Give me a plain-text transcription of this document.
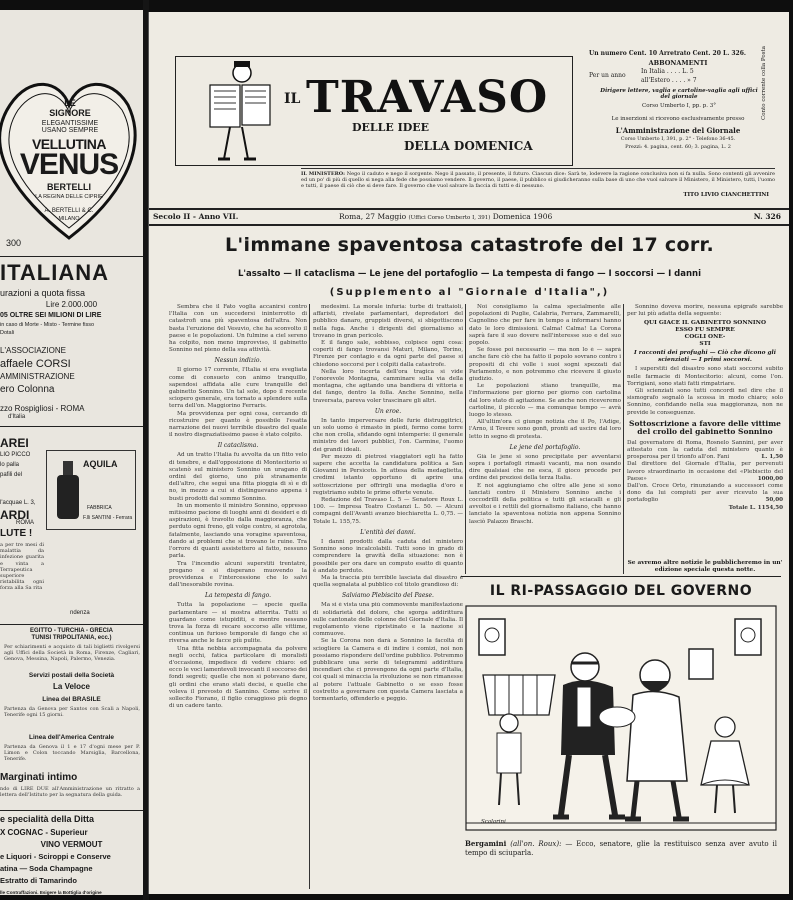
LE
SIGNORE
ELEGANTISSIME
USANO SEMPRE
VELLUTINA
VENUS
BERTELLI
LA REGINA DELLE CIPRIE
A. BERTELLI & C.
MILANO
300
ITALIANA
urazioni a quota fissa
Lire 2.000.000
05 OLTRE SEI MILIONI DI LIRE
in caso di Morte - Misto - Termine fisso
Dotali
L'ASSOCIAZIONE
affaele CORSI
AMMINISTRAZIONE
ero Colonna
zzo Rospigliosi - ROMA
d'Italia
AREI
LIO PICCO
lo palla
pafili del
AQUILA
FABBRICA
F.lli SANTINI - Ferrara
l'acquae L. 3,
ARDI
ROMA
LUTE !
a per tre mesi di malattia da infezione guarita e vinta a Terrapeutica superiore ristabilita ogni forza alla Sa rita
ndenza
EGITTO - TURCHIA - GRECIA
TUNISI TRIPOLITANIA, ecc.)
Per schiarimenti e acquisto di tali biglietti rivolgersi agli Uffici della Società in Roma, Firenze, Cagliari, Genova, Messina, Napoli, Palermo, Venezia.
Servizi postali della Società
La Veloce
Linea del BRASILE
Partenza da Genova per Santos con Scali a Napoli, Tenerife ogni 15 giorni.
Linea dell'America Centrale
Partenza da Genova il 1 e 17 d'ogni mese per P. Limon e Colon toccando Marsiglia, Barcellona, Tenerife.
Marginati intimo
ndo di LIRE DUE all'Amministrazione un ritratto a lettera dell'Istituto per la segnatura della guida.
e specialità della Ditta
X COGNAC - Superieur
VINO VERMOUT
e Liquori - Sciroppi e Conserve
atina — Soda Champagne
Estratto di Tamarindo
lle Contraffazioni. Esigere la Bottiglia d'origine
IL TRAVASO
DELLE IDEE
DELLA DOMENICA
Un numero Cent. 10 Arretrato Cent. 20 L. 326.
ABBONAMENTI
Per un anno
In Italia . . . . L. 5
all'Estero . . . . » 7
Dirigere lettere, vaglia e cartoline-vaglia agli uffici del giornale
Corso Umberto I, pp. p. 3°
Le inserzioni si ricevono esclusivamente presso
L'Amministrazione del Giornale
Corso Umberto I, 391, p. 2° - Telefono 36-45.
Prezzi: 4. pagina, cent. 60; 3. pagina, L. 2
Conto corrente colla Posta
IL MINISTERO: Nego il caduto e nego il sorgente. Nego il passato, il presente, il futuro. Ciascun dice: Sarà te, lodevere la ragione conclusiva non si fa nulla. Sono contenti gli avvenire ed un po' di più di quello si nega alla fede che possiamo vendere. Il governo, il paese, il pubblico si giudicheranno sulla base di uno che vuol salvare il Ministero, il Ministero, tutti, l'uomo e tutti, il paese di ciò che si deve fare. Il governo che vuol salvare la faccia di tutti e di nessuno.
TITO LIVIO CIANCHETTINI
Secolo II - Anno VII.	Roma, 27 Maggio (Uffici Corso Umberto I, 391) Domenica 1906	N. 326
L'immane spaventosa catastrofe del 17 corr.
L'assalto — Il cataclisma — Le jene del portafoglio — La tempesta di fango — I soccorsi — I danni
(Supplemento al "Giornale d'Italia",)
Sembra che il Fato voglia accanirsi contro l'Italia con un succedersi ininterrotto di catastrofi una più spaventosa dell'altra. Non basta l'eruzione del Vesuvio, che ha sconvolto il paese e le popolazioni. Un fulmine a ciel sereno ha colpito, non meno improvviso, il gabinetto Sonnino nel pieno della sua attività.
Nessun indizio.
Il giorno 17 corrente, l'Italia si era svegliata come di consueto con animo tranquillo, sapendosi affidata alle cure tranquille del gabinetto Sonnino. Un tal sole, dopo il recente sciopero generale, era tornato a splendere sulla terra dell'on. Maggiorino Ferraris.
Ma provvidenza per ogni cosa, cercando di ricostruire per quanto è possibile l'esatta narrazione dei nuovi terribile disastro del quale il nostro disgraziatissimo paese è stato colpito.
Il cataclisma.
Ad un tratto l'Italia fu avvolta da un fitto velo di tenebre, e dall'opposizione di Montecitorio si scatenò sul ministero Sonnino un uragano di ordini del giorno, uno più stranamente dell'altro, che seguì una fitta pioggia di sì e di no, in mezzo a cui si distinguevano appena i busti prodotti dal sommo Sonnino.
In un momento il ministro Sonnino, oppresso mitissimo pacione di luoghi anni di desideri e di aspirazioni, è travolto dalla maggioranza, che perduto ogni freno, gli volge contro, si agrotola, fatalmente, lasciando una voragine spaventosa, dando ai problemi che si trovano le ruine. Tra l'orrore di quanti assistettero al fatto, nessuno parla.
Tra l'incendio alcuni superstiti trentatrè, pregano e si disperano muovendo la provvidenza e l'intercessione che lo salvi dall'inesorabile rovina.
La tempesta di fango.
Tutta la popolazione — specie quella parlamentare — si mostra atterrita. Tutti si guardano come istupiditi, e mentre nessuno trova la forza di recare soccorso alle vittime, continua un furioso temporale di fango che si riversa anche le facce più pulite.
Una fitta nebbia accompagnata da polvere negli occhi, fatica particolare di moralisti d'occasione, impedisce di vedere chiaro: ed ecco le voci lamentevoli invocanti il soccorso dei fondi segreti; quelle che non si potevano dare, gli ordini che erano stati decisi, e quelle che voleva il prevosto di Sannino. Come scrive il sollecito Fiorano, il figlio coraggioso più degno di un cadere tanto.
medesimi. La morale infuria: turbe di trattaioli, affaristi, rivelate parlamentari, depredatori del pubblico danaro, gruppisti diversi, si sbigottiscono nella fuga. Anche i dirigenti del giornalismo si trovano in gran pericolo.
E il fango sale, sobbisso, colpisce ogni cosa: coperti di fango trovansi Maturi, Milano, Torino, Firenze per contagio e da ogni parte del paese si chiedono soccorsi per i colpiti dalla catastrofe.
Nella loro incerta dell'ora tragica si vide l'onorevole Montagna, camminare sulla via della montagna, che agitando una bandiera di vittoria e del fango, dentro la folla. Anche Sonnino, nella traversata, pareva voler trascinare gli altri.
Un eroe.
In tanto imperversare delle furie distruggitrici, un solo uomo è rimasto in piedi, fermo come torre che non crolla, sfidando ogni intemperie: il generale ministro dei lavori pubblici, l'on. Carmine, l'uomo dei grandi ideali.
Per mezzo di pietrosi viaggiatori egli ha fatto sapere che accetta la candidatura politica a San Giovanni in Persiceto. In attesa della medaglietta, credimi istanto opportuno di aprire una sottoscrizione per offrirgli una medaglia d'oro e registriamo subito le prime offerte venute.
Redazione del Travaso L. 5 — Senatore Roux L. 100. — Impresa Teatro Costanzi L. 50. — Alcuni compagni dell'Avanti avanzo biechiaretta L. 0,75. — Totale L. 155,75.
L'entità dei danni.
I danni prodotti dalla caduta del ministero Sonnino sono incalcolabili. Tutti sono in grado di comprendere la gravità della situazione: non è possibile per ora dare un computo esatto di quanto è andato perduto.
Ma la traccia più terribile lasciata dal disastro è quella segnalata al pubblico col titolo grandioso di:
Salviamo Plebiscito del Paese.
Ma si è vista una più commovente manifestazione di solidarietà del dolore, che sgorga addirittura sulle cantonate delle colonne del Giornale d'Italia. Il regolamento viene ripristinato e la nazione si commuove.
Se la Corona non darà a Sonnino la facoltà di sciogliere la Camera e di indire i comizi, noi non possiamo rispondere dell'ordine pubblico. Potremmo pubblicare una serie di telegrammi addirittura incendiari che ci provengono da ogni parte d'Italia, coi quali si minaccia la rivoluzione se non rimanesse al potere l'attuale Gabinetto o se esso fosse costretto a governare con questa Camera lasciata a tormentarlo, offenderlo e peggio.
Noi consigliamo la calma specialmente alle popolazioni di Puglie, Calabria, Ferrara, Zammarelli, Cagnolino che per fare in tempo a informarsi hanno dato le loro dimissioni. Calma! Calma! La Corona saprà fare il suo dovere nell'interesse suo e del suo popolo.
Se fosse poi necessario — ma non lo è — saprà anche fare ciò che ha fatto il popolo sovrano contro i propositi di chi volle i suoi sogni spezzati dal Parlamento, e non potremmo che ricevere il giusto giudizio.
Le popolazioni stiano tranquille, ma l'informazione per giorno per giorno con cartolina dal loro stato di agitazione. Se anche non riceveremo cartoline, il piccolo — ma comunque tempo — avrà luogo lo stesso.
All'ultim'ora ci giunge notizia che il Po, l'Adige, l'Arno, il Tevere sono gonfi, pronti ad uscire dal loro letto in segno di protesta.
Le jene del portafoglio.
Già le jene si sono precipitate per avventarsi sopra i portafogli rimasti vacanti, ma non osando dire qualsiasi che ne esca, il gioco procede per ordine dei preziosi della terza Italia.
E noi aggiungiamo che oltre alle jene si sono lanciati contro il Ministero Sonnino anche i coccodrilli della politica e tutti gli sciacalli e gli avvoltoi e i rettili del giornalismo italiano, che hanno lanciato la spaventosa notizia non appena Sonnino lasciò Palazzo Braschi.
Sonnino doveva morire, nessuna epigrafe sarebbe per lui più adatta della seguente:
QUI GIACE IL GABINETTO SONNINO
ESSO FU SEMPRE
COGLI ONE-
STI
I racconti dei profughi — Ciò che dicono gli scienziati — I primi soccorsi.
I superstiti del disastro sono stati soccorsi subito nelle farmacie di Montecitorio: alcuni, come l'on. Torrigiani, sono stati fatti rimpatriare.
Gli scienziati sono tutti concordi nel dire che il sismografo segnalò la scossa in modo chiaro; solo Sonnino, confidando nella sua maggioranza, non ne previde le conseguenze.
Sottoscrizione a favore delle vittime del crollo del gabinetto Sonnino
Dal governatore di Roma, Rosnelo Sannini, per aver attestato con la caduta del ministero quanto è prosperosa per il trionfo all'on. Fani	L. 1,50
Dal direttore del Giornale d'Italia, per pervenuti lavoro straordinario in occasione del «Plebiscito del Paese»	1000,00
Dall'on. Croce Orto, rinunziando a successori come dono da lui compiuti per aver ricevuto la sua portafoglio	50,00
Totale L. 1154,50
Se avremo altre notizie le pubblicheremo in un' edizione speciale questa notte.
IL RI-PASSAGGIO DEL GOVERNO
Scalarini
Bergamini (all'on. Roux): — Ecco, senatore, glie la restituisco senza aver avuto il tempo di sciuparla.
